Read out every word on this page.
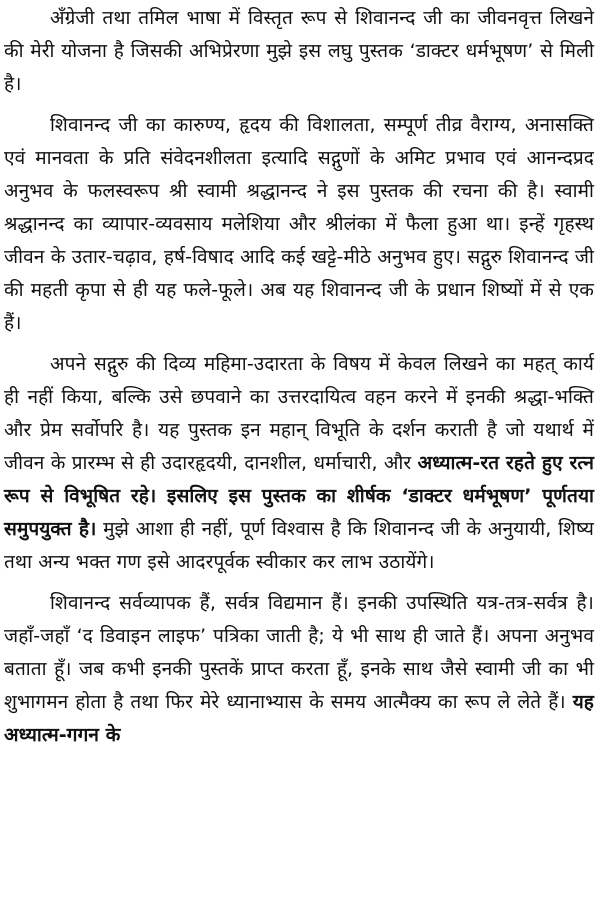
अँग्रेजी तथा तमिल भाषा में विस्तृत रूप से शिवानन्द जी का जीवनवृत्त लिखने की मेरी योजना है जिसकी अभिप्रेरणा मुझे इस लघु पुस्तक ‘डाक्टर धर्मभूषण’ से मिली है।

शिवानन्द जी का कारुण्य, हृदय की विशालता, सम्पूर्ण तीव्र वैराग्य, अनासक्ति एवं मानवता के प्रति संवेदनशीलता इत्यादि सद्गुणों के अमिट प्रभाव एवं आनन्दप्रद अनुभव के फलस्वरूप श्री स्वामी श्रद्धानन्द ने इस पुस्तक की रचना की है। स्वामी श्रद्धानन्द का व्यापार-व्यवसाय मलेशिया और श्रीलंका में फैला हुआ था। इन्हें गृहस्थ जीवन के उतार-चढ़ाव, हर्ष-विषाद आदि कई खट्टे-मीठे अनुभव हुए। सद्गुरु शिवानन्द जी की महती कृपा से ही यह फले-फूले। अब यह शिवानन्द जी के प्रधान शिष्यों में से एक हैं।

अपने सद्गुरु की दिव्य महिमा-उदारता के विषय में केवल लिखने का महत् कार्य ही नहीं किया, बल्कि उसे छपवाने का उत्तरदायित्व वहन करने में इनकी श्रद्धा-भक्ति और प्रेम सर्वोपरि है। यह पुस्तक इन महान् विभूति के दर्शन कराती है जो यथार्थ में जीवन के प्रारम्भ से ही उदारहृदयी, दानशील, धर्माचारी, और अध्यात्म-रत रहते हुए रत्न रूप से विभूषित रहे। इसलिए इस पुस्तक का शीर्षक ‘डाक्टर धर्मभूषण’ पूर्णतया समुपयुक्त है। मुझे आशा ही नहीं, पूर्ण विश्वास है कि शिवानन्द जी के अनुयायी, शिष्य तथा अन्य भक्त गण इसे आदरपूर्वक स्वीकार कर लाभ उठायेंगे।

शिवानन्द सर्वव्यापक हैं, सर्वत्र विद्यमान हैं। इनकी उपस्थिति यत्र-तत्र-सर्वत्र है। जहाँ-जहाँ ‘द डिवाइन लाइफ’ पत्रिका जाती है; ये भी साथ ही जाते हैं। अपना अनुभव बताता हूँ। जब कभी इनकी पुस्तकें प्राप्त करता हूँ, इनके साथ जैसे स्वामी जी का भी शुभागमन होता है तथा फिर मेरे ध्यानाभ्यास के समय आत्मैक्य का रूप ले लेते हैं। यह अध्यात्म-गगन के
